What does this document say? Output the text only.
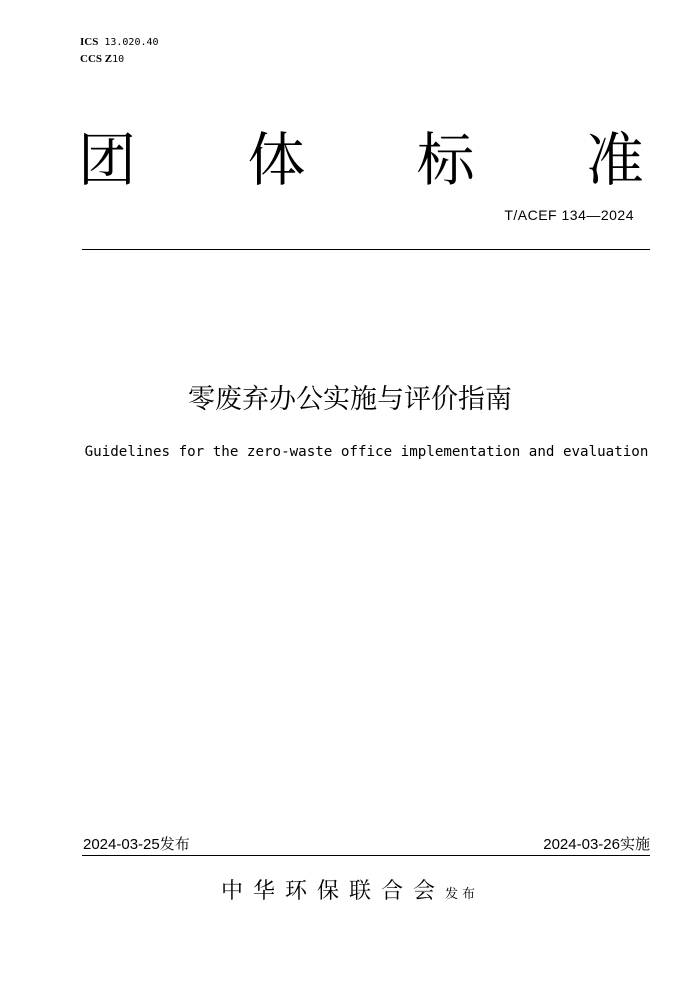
ICS 13.020.40
CCS Z10
团 体 标 准
T/ACEF 134—2024
零废弃办公实施与评价指南
Guidelines for the zero-waste office implementation and evaluation
2024-03-25发布	2024-03-26实施
中华环保联合会发布
